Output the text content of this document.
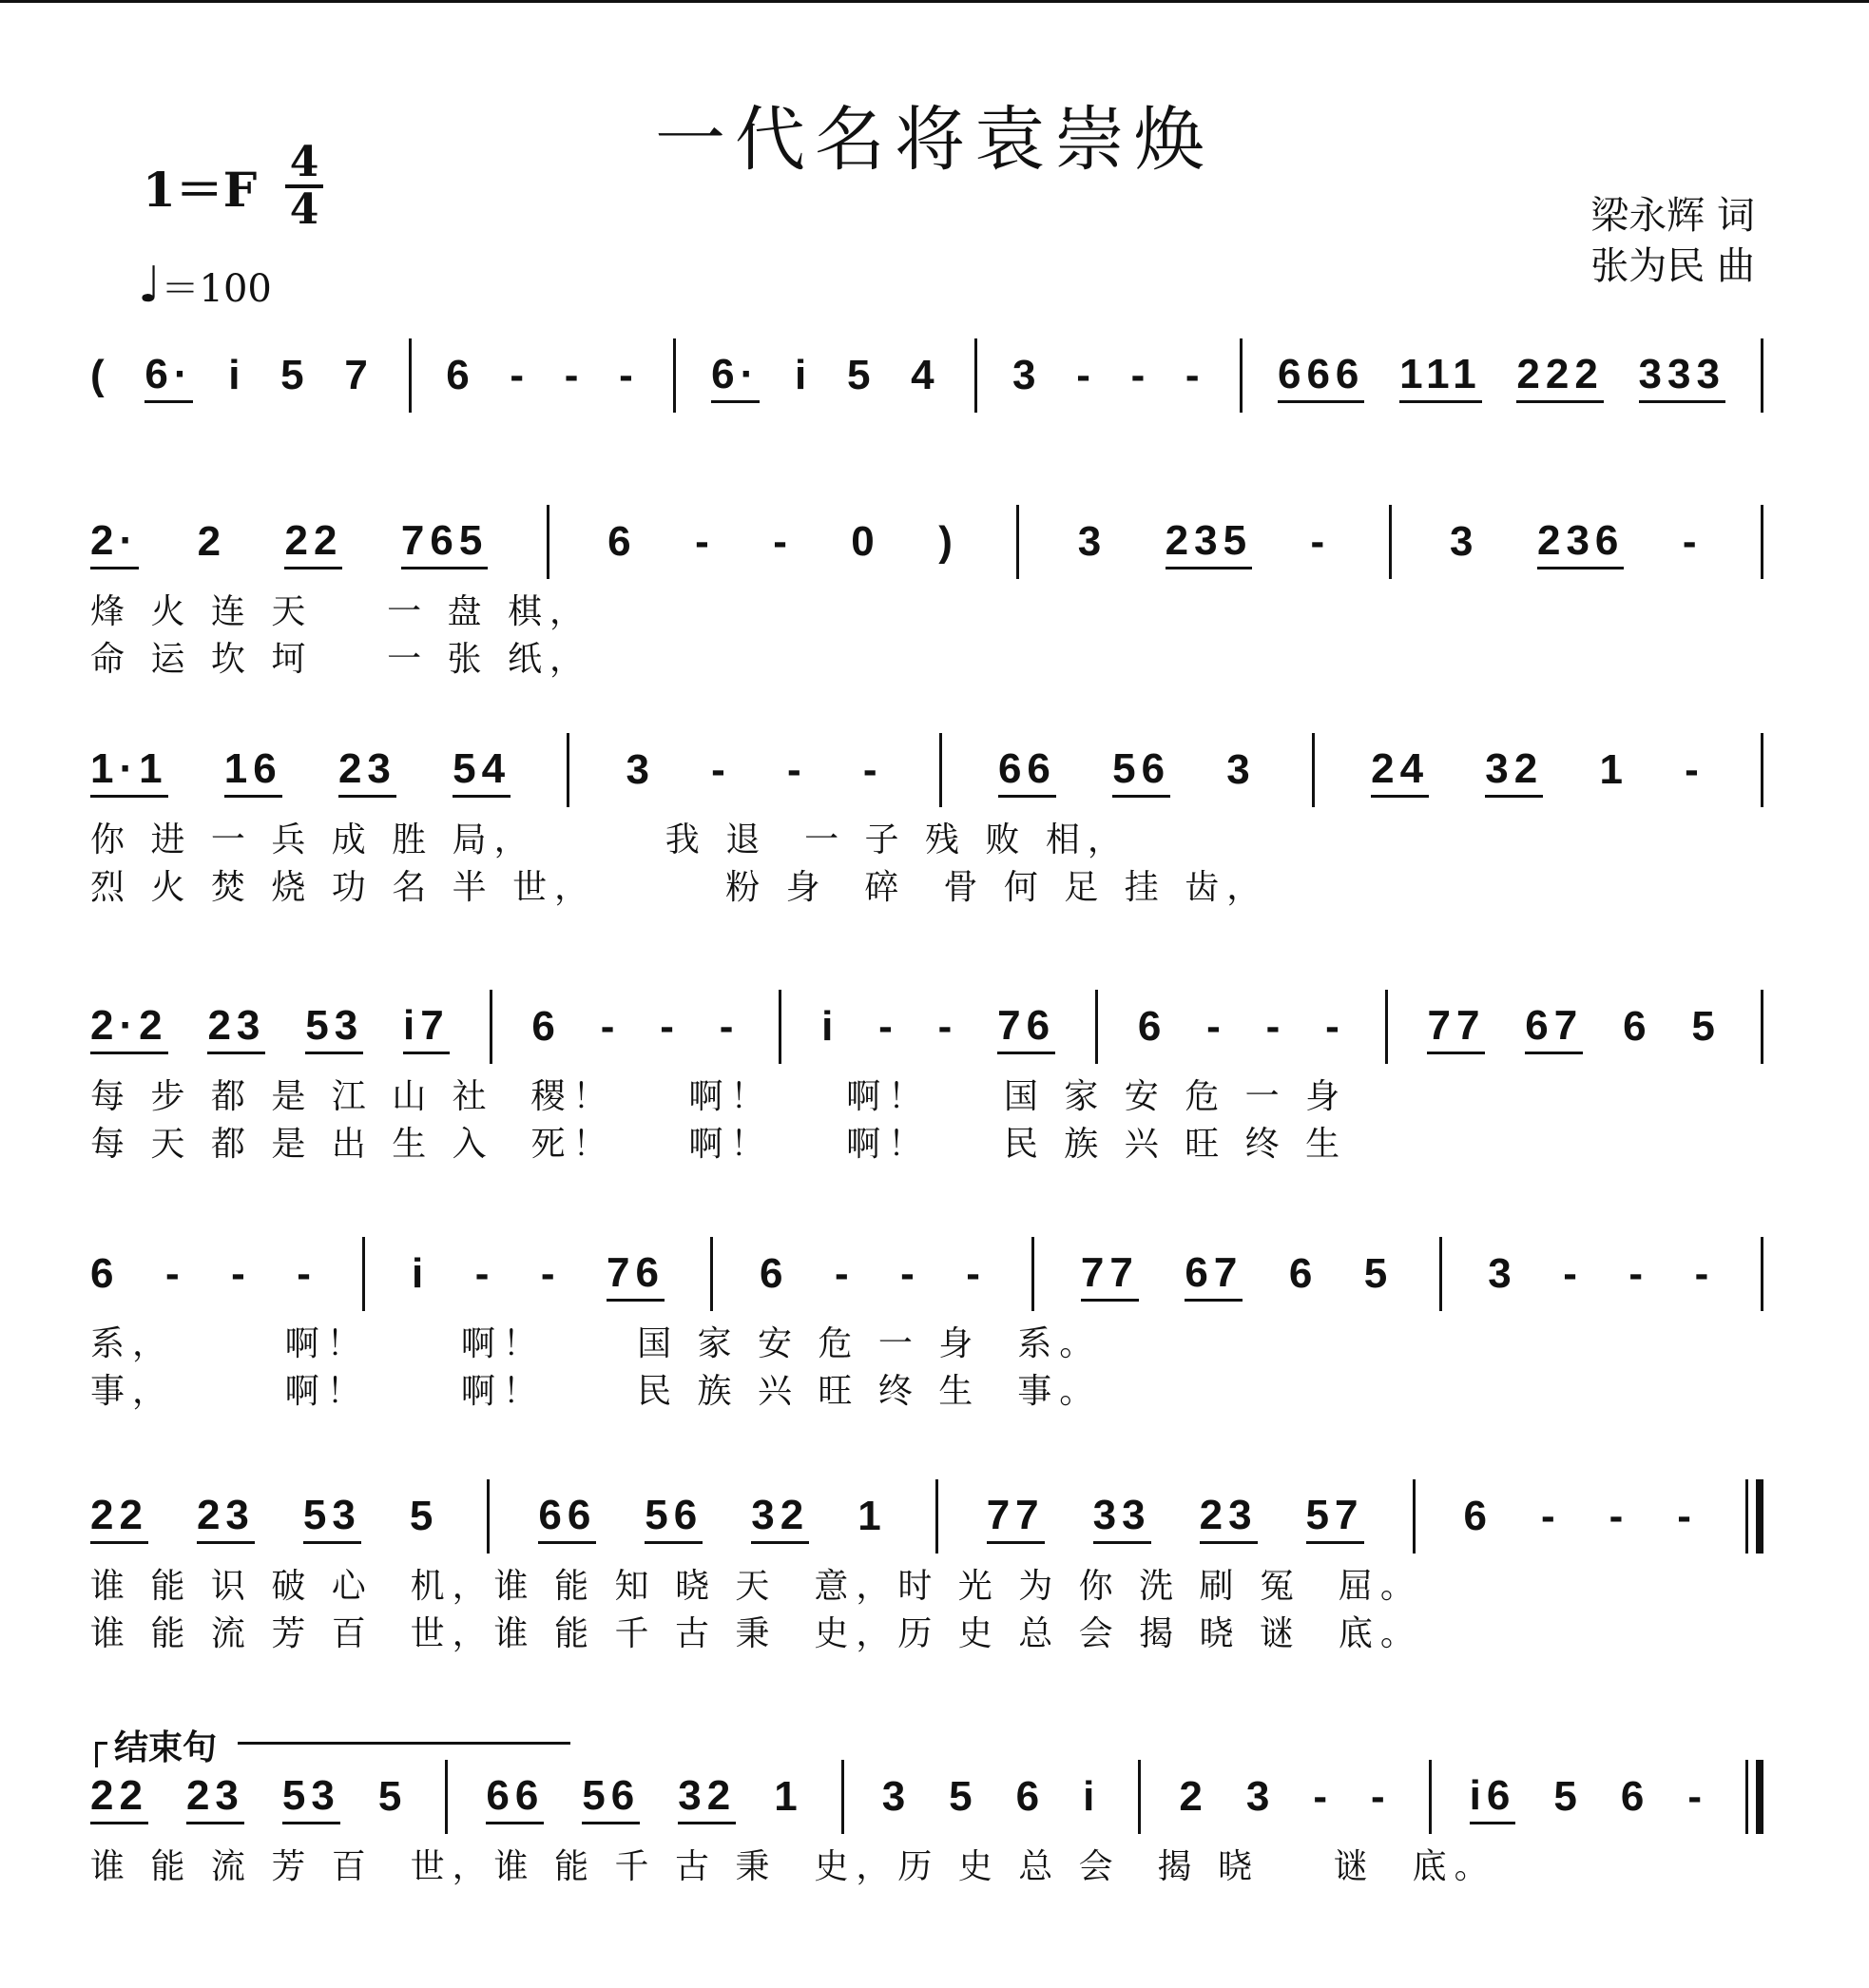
一代名将袁崇焕
1＝F 4
4
♩＝100
梁永辉 词
张为民 曲
结束句
( 6· i 5 7 6 - - - 6· i 5 4 3 - - - 666 111 222 333
2· 2 22 765	6 - - 0 )	3 235 -	3 236 -
烽 火 连 天    一 盘 棋，
命 运 坎 坷    一 张 纸，
1·1 16 23 54	3 - - -	66 56 3	24 32 1 -
你 进 一 兵 成 胜 局，       我 退  一 子 残 败 相，
烈 火 焚 烧 功 名 半 世，       粉 身  碎  骨 何 足 挂 齿，
2·2 23 53 i7 6 - - - i - - 76 6 - - - 77 67 6 5
每 步 都 是 江 山 社  稷！    啊！    啊！    国 家 安 危 一 身
每 天 都 是 出 生 入  死！    啊！    啊！    民 族 兴 旺 终 生
6 - - - i - - 76 6 - - - 77 67 6 5 3 - - -
系，      啊！     啊！     国 家 安 危 一 身  系。
事，      啊！     啊！     民 族 兴 旺 终 生  事。
22 23 53 5 66 56 32 1 77 33 23 57 6 - - -
谁 能 识 破 心  机，谁 能 知 晓 天  意，时 光 为 你 洗 刷 冤  屈。
谁 能 流 芳 百  世，谁 能 千 古 秉  史，历 史 总 会 揭 晓 谜  底。
22 23 53 5 66 56 32 1 3 5 6 i 2 3 - - i6 5 6 -
谁 能 流 芳 百  世，谁 能 千 古 秉  史，历 史 总 会  揭 晓    谜  底。
